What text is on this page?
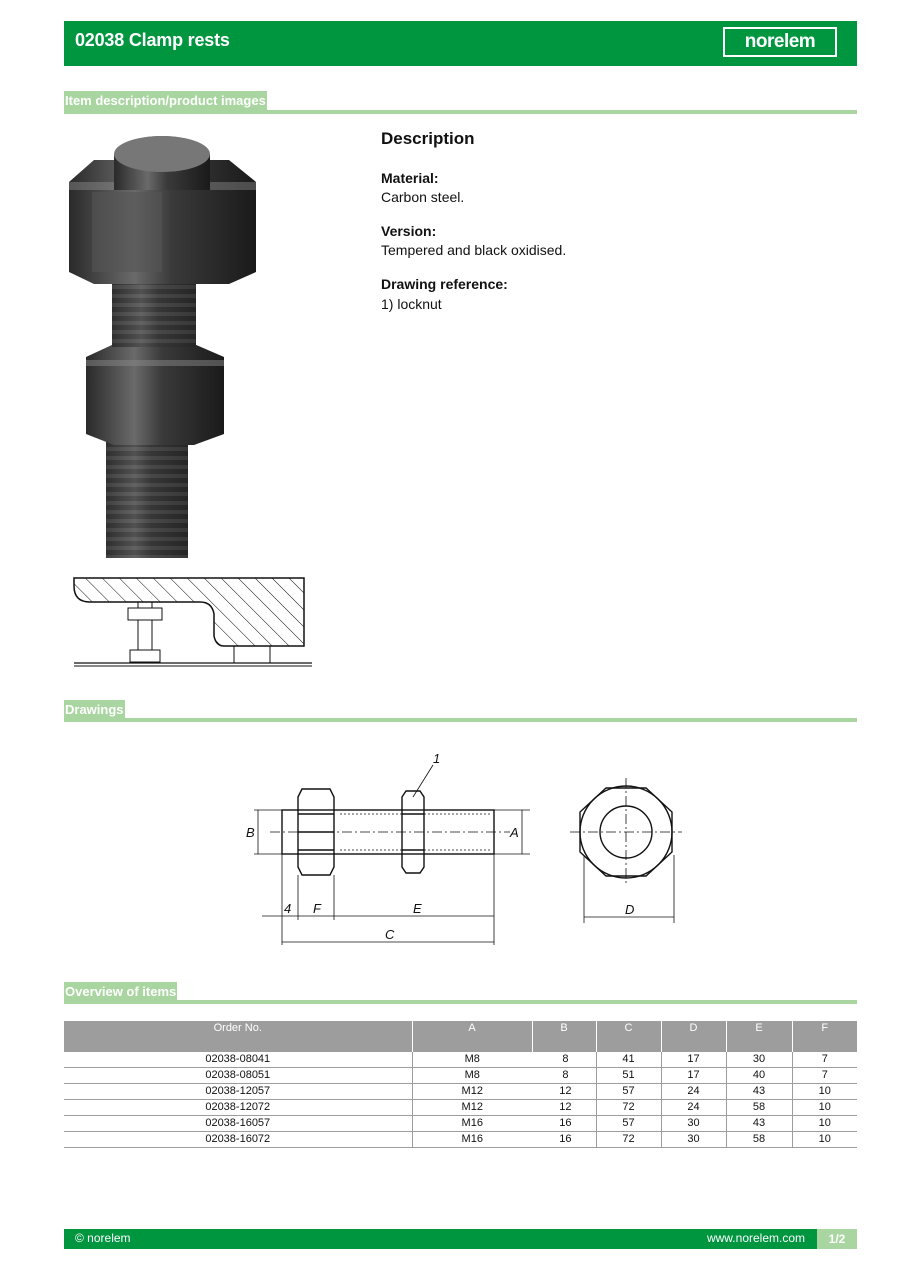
02038 Clamp rests	norelem
Item description/product images
Description
Material:
Carbon steel.
Version:
Tempered and black oxidised.
Drawing reference:
1) locknut
Drawings
B	A
4 F	E
C
D
1
Overview of items
Order No.	A	B	C	D	E	F
02038-08041	M8	8	41	17	30	7
02038-08051	M8	8	51	17	40	7
02038-12057	M12	12	57	24	43	10
02038-12072	M12	12	72	24	58	10
02038-16057	M16	16	57	30	43	10
02038-16072	M16	16	72	30	58	10
© norelem	www.norelem.com	1/2
